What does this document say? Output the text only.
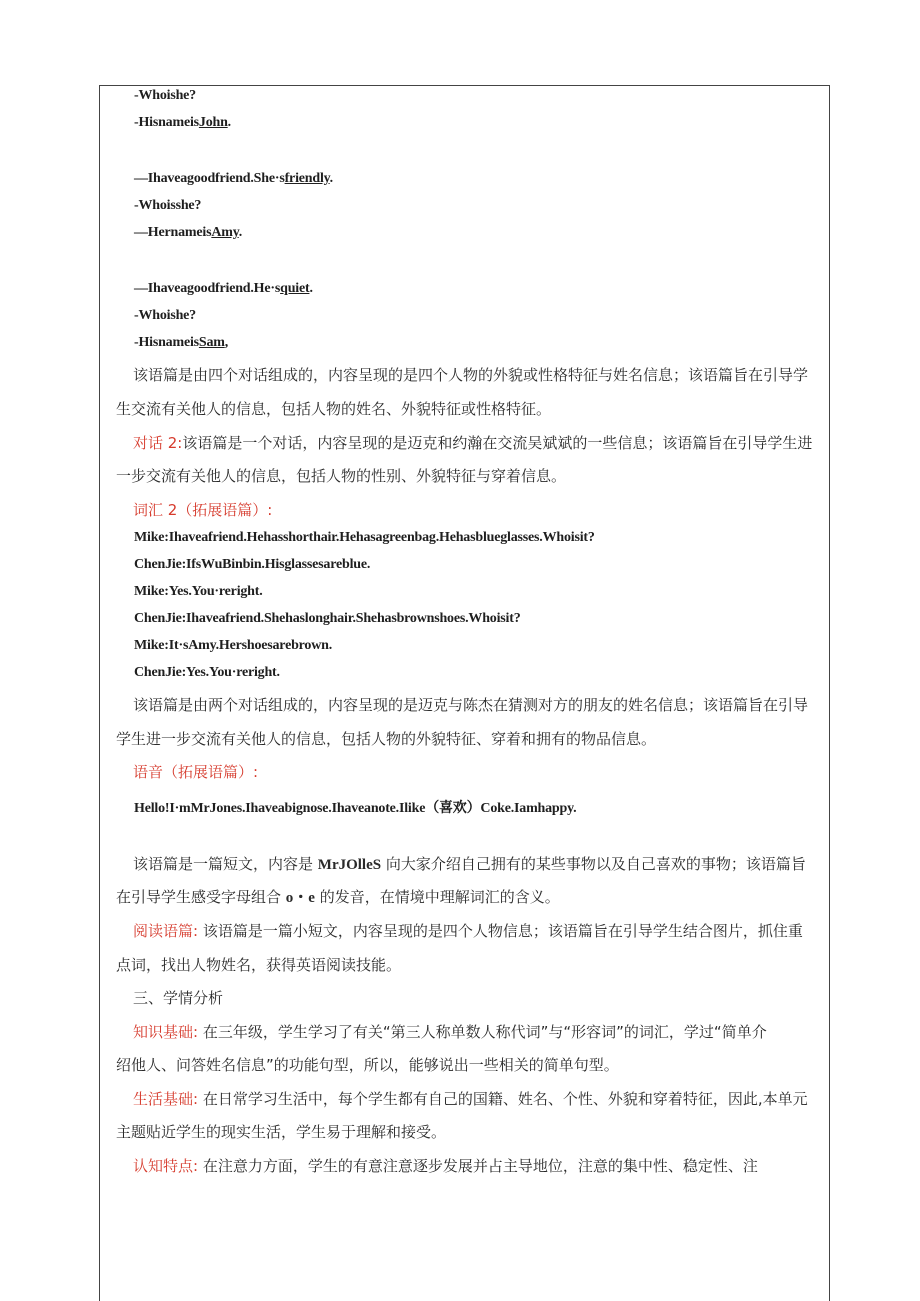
-Whoishe?
-HisnameisJohn.
—Ihaveagoodfriend.She·sfriendly.
-Whoisshe?
—HernameisAmy.
—Ihaveagoodfriend.He·squiet.
-Whoishe?
-HisnameisSam,
该语篇是由四个对话组成的，内容呈现的是四个人物的外貌或性格特征与姓名信息；该语篇旨在引导学
生交流有关他人的信息，包括人物的姓名、外貌特征或性格特征。
对话 2:该语篇是一个对话，内容呈现的是迈克和约瀚在交流吴斌斌的一些信息；该语篇旨在引导学生进
一步交流有关他人的信息，包括人物的性别、外貌特征与穿着信息。
词汇 2（拓展语篇）:
Mike:Ihaveafriend.Hehasshorthair.Hehasagreenbag.Hehasblueglasses.Whoisit?
ChenJie:IfsWuBinbin.Hisglassesareblue.
Mike:Yes.You·reright.
ChenJie:Ihaveafriend.Shehaslonghair.Shehasbrownshoes.Whoisit?
Mike:It·sAmy.Hershoesarebrown.
ChenJie:Yes.You·reright.
该语篇是由两个对话组成的，内容呈现的是迈克与陈杰在猜测对方的朋友的姓名信息；该语篇旨在引导
学生进一步交流有关他人的信息，包括人物的外貌特征、穿着和拥有的物品信息。
语音（拓展语篇）:
Hello!I·mMrJones.Ihaveabignose.Ihaveanote.Ilike（喜欢）Coke.Iamhappy.
该语篇是一篇短文，内容是 MrJOlleS 向大家介绍自己拥有的某些事物以及自己喜欢的事物；该语篇旨
在引导学生感受字母组合 o・e 的发音，在情境中理解词汇的含义。
阅读语篇: 该语篇是一篇小短文，内容呈现的是四个人物信息；该语篇旨在引导学生结合图片，抓住重
点词，找出人物姓名，获得英语阅读技能。
三、学情分析
知识基础: 在三年级，学生学习了有关“第三人称单数人称代词”与“形容词”的词汇，学过“简单介
绍他人、问答姓名信息”的功能句型，所以，能够说出一些相关的简单句型。
生活基础: 在日常学习生活中，每个学生都有自己的国籍、姓名、个性、外貌和穿着特征，因此,本单元
主题贴近学生的现实生活，学生易于理解和接受。
认知特点: 在注意力方面，学生的有意注意逐步发展并占主导地位，注意的集中性、稳定性、注
